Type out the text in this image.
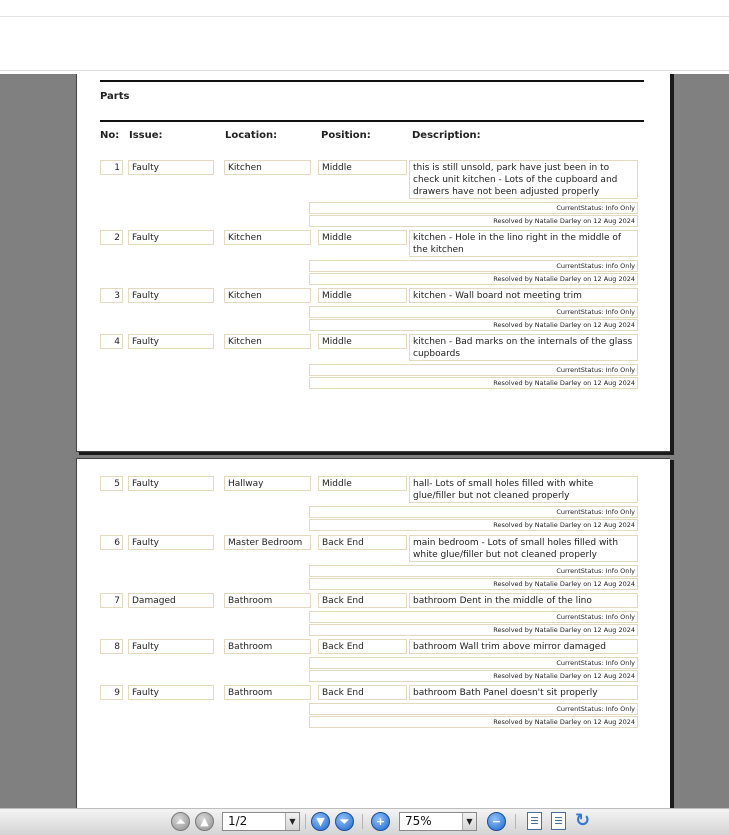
Parts
No: Issue:	Location:	Position:	Description:
1	Faulty	Kitchen	Middle	this is still unsold, park have just been in to check unit kitchen - Lots of the cupboard and drawers have not been adjusted properly
CurrentStatus: Info Only
Resolved by Natalie Darley on 12 Aug 2024
2	Faulty	Kitchen	Middle	kitchen - Hole in the lino right in the middle of the kitchen
CurrentStatus: Info Only
Resolved by Natalie Darley on 12 Aug 2024
3	Faulty	Kitchen	Middle	kitchen - Wall board not meeting trim
CurrentStatus: Info Only
Resolved by Natalie Darley on 12 Aug 2024
4	Faulty	Kitchen	Middle	kitchen - Bad marks on the internals of the glass cupboards
CurrentStatus: Info Only
Resolved by Natalie Darley on 12 Aug 2024
5	Faulty	Hallway	Middle	hall- Lots of small holes filled with white glue/filler but not cleaned properly
CurrentStatus: Info Only
Resolved by Natalie Darley on 12 Aug 2024
6	Faulty	Master Bedroom	Back End	main bedroom - Lots of small holes filled with white glue/filler but not cleaned properly
CurrentStatus: Info Only
Resolved by Natalie Darley on 12 Aug 2024
7	Damaged	Bathroom	Back End	bathroom Dent in the middle of the lino
CurrentStatus: Info Only
Resolved by Natalie Darley on 12 Aug 2024
8	Faulty	Bathroom	Back End	bathroom Wall trim above mirror damaged
CurrentStatus: Info Only
Resolved by Natalie Darley on 12 Aug 2024
9	Faulty	Bathroom	Back End	bathroom Bath Panel doesn't sit properly
CurrentStatus: Info Only
Resolved by Natalie Darley on 12 Aug 2024
⏶	▲	1/2	▼	▼	⏷	+	75%	▼	−	↻
